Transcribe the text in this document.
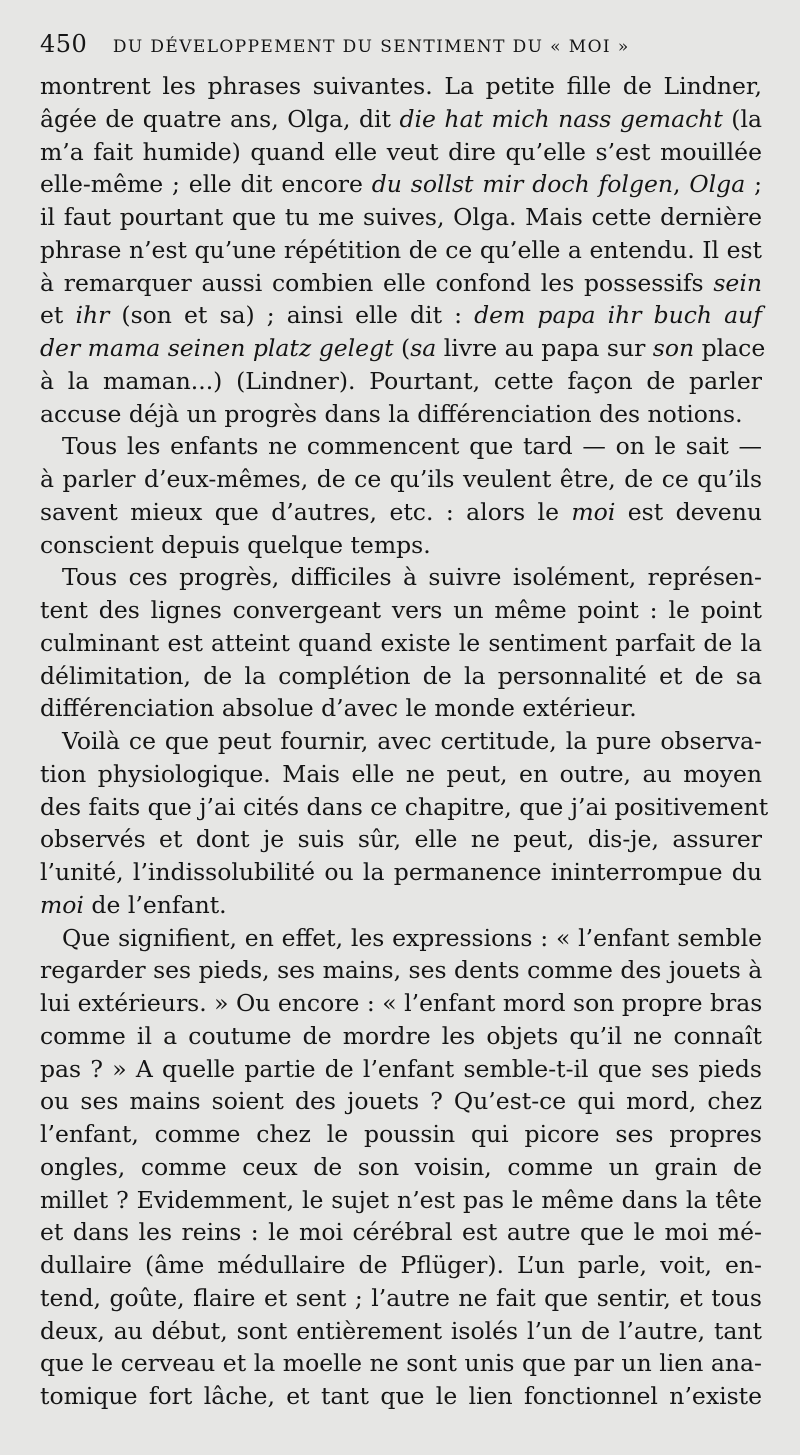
450 DU DÉVELOPPEMENT DU SENTIMENT DU « MOI »
montrent les phrases suivantes. La petite fille de Lindner,
âgée de quatre ans, Olga, dit die hat mich nass gemacht (la
m’a fait humide) quand elle veut dire qu’elle s’est mouillée
elle-même ; elle dit encore du sollst mir doch folgen, Olga ;
il faut pourtant que tu me suives, Olga. Mais cette dernière
phrase n’est qu’une répétition de ce qu’elle a entendu. Il est
à remarquer aussi combien elle confond les possessifs sein
et ihr (son et sa) ; ainsi elle dit : dem papa ihr buch auf
der mama seinen platz gelegt (sa livre au papa sur son place
à la maman...) (Lindner). Pourtant, cette façon de parler
accuse déjà un progrès dans la différenciation des notions.
Tous les enfants ne commencent que tard — on le sait —
à parler d’eux-mêmes, de ce qu’ils veulent être, de ce qu’ils
savent mieux que d’autres, etc. : alors le moi est devenu
conscient depuis quelque temps.
Tous ces progrès, difficiles à suivre isolément, représen-
tent des lignes convergeant vers un même point : le point
culminant est atteint quand existe le sentiment parfait de la
délimitation, de la complétion de la personnalité et de sa
différenciation absolue d’avec le monde extérieur.
Voilà ce que peut fournir, avec certitude, la pure observa-
tion physiologique. Mais elle ne peut, en outre, au moyen
des faits que j’ai cités dans ce chapitre, que j’ai positivement
observés et dont je suis sûr, elle ne peut, dis-je, assurer
l’unité, l’indissolubilité ou la permanence ininterrompue du
moi de l’enfant.
Que signifient, en effet, les expressions : « l’enfant semble
regarder ses pieds, ses mains, ses dents comme des jouets à
lui extérieurs. » Ou encore : « l’enfant mord son propre bras
comme il a coutume de mordre les objets qu’il ne connaît
pas ? » A quelle partie de l’enfant semble-t-il que ses pieds
ou ses mains soient des jouets ? Qu’est-ce qui mord, chez
l’enfant, comme chez le poussin qui picore ses propres
ongles, comme ceux de son voisin, comme un grain de
millet ? Evidemment, le sujet n’est pas le même dans la tête
et dans les reins : le moi cérébral est autre que le moi mé-
dullaire (âme médullaire de Pflüger). L’un parle, voit, en-
tend, goûte, flaire et sent ; l’autre ne fait que sentir, et tous
deux, au début, sont entièrement isolés l’un de l’autre, tant
que le cerveau et la moelle ne sont unis que par un lien ana-
tomique fort lâche, et tant que le lien fonctionnel n’existe
